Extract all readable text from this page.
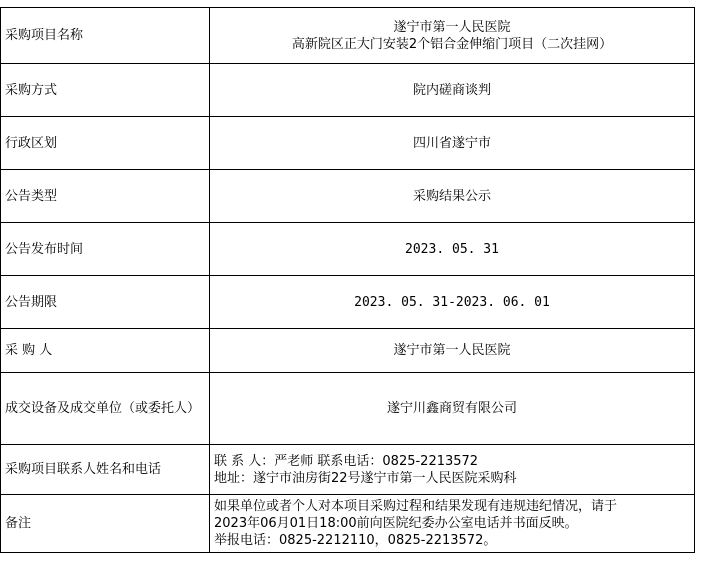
采购项目名称	遂宁市第一人民医院
高新院区正大门安装2个铝合金伸缩门项目（二次挂网）

采购方式	院内磋商谈判
行政区划	四川省遂宁市
公告类型	采购结果公示
公告发布时间	2023. 05. 31
公告期限	2023. 05. 31-2023. 06. 01
采 购 人	遂宁市第一人民医院
成交设备及成交单位（或委托人）	遂宁川鑫商贸有限公司
采购项目联系人姓名和电话	联 系 人：严老师 联系电话：0825-2213572
地址：遂宁市油房街22号遂宁市第一人民医院采购科

备注	如果单位或者个人对本项目采购过程和结果发现有违规违纪情况，请于
2023年06月01日18:00前向医院纪委办公室电话并书面反映。
举报电话：0825-2212110，0825-2213572。
